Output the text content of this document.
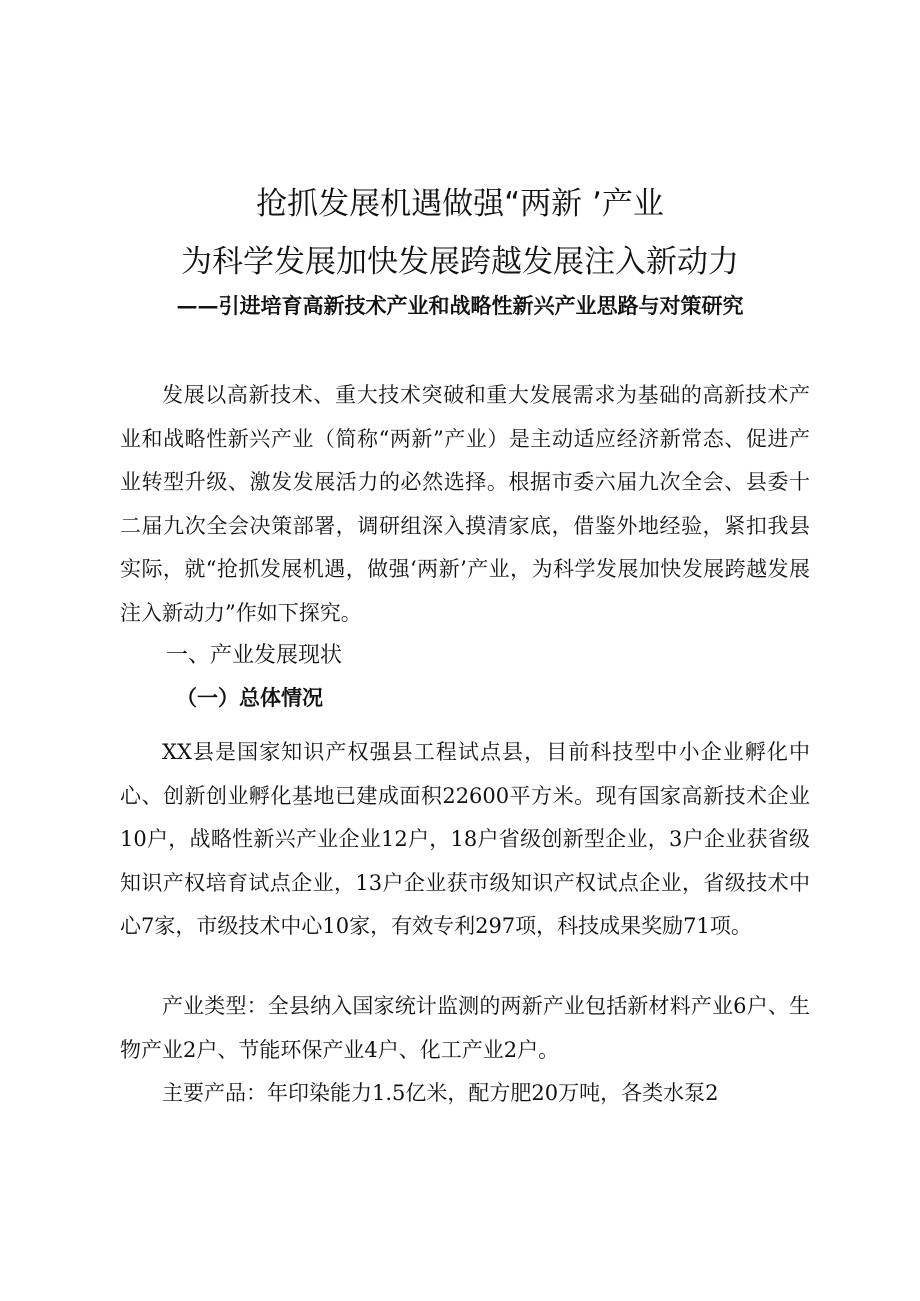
抢抓发展机遇做强“两新 ’产业
为科学发展加快发展跨越发展注入新动力
——引进培育高新技术产业和战略性新兴产业思路与对策研究

发展以高新技术、重大技术突破和重大发展需求为基础的高新技术产业和战略性新兴产业（简称“两新”产业）是主动适应经济新常态、促进产业转型升级、激发发展活力的必然选择。根据市委六届九次全会、县委十二届九次全会决策部署，调研组深入摸清家底，借鉴外地经验，紧扣我县实际，就“抢抓发展机遇，做强‘两新’产业，为科学发展加快发展跨越发展注入新动力”作如下探究。

一、产业发展现状
（一）总体情况

XX县是国家知识产权强县工程试点县，目前科技型中小企业孵化中心、创新创业孵化基地已建成面积22600平方米。现有国家高新技术企业10户，战略性新兴产业企业12户，18户省级创新型企业，3户企业获省级知识产权培育试点企业，13户企业获市级知识产权试点企业，省级技术中心7家，市级技术中心10家，有效专利297项，科技成果奖励71项。

产业类型：全县纳入国家统计监测的两新产业包括新材料产业6户、生物产业2户、节能环保产业4户、化工产业2户。

主要产品：年印染能力1.5亿米，配方肥20万吨，各类水泵2
